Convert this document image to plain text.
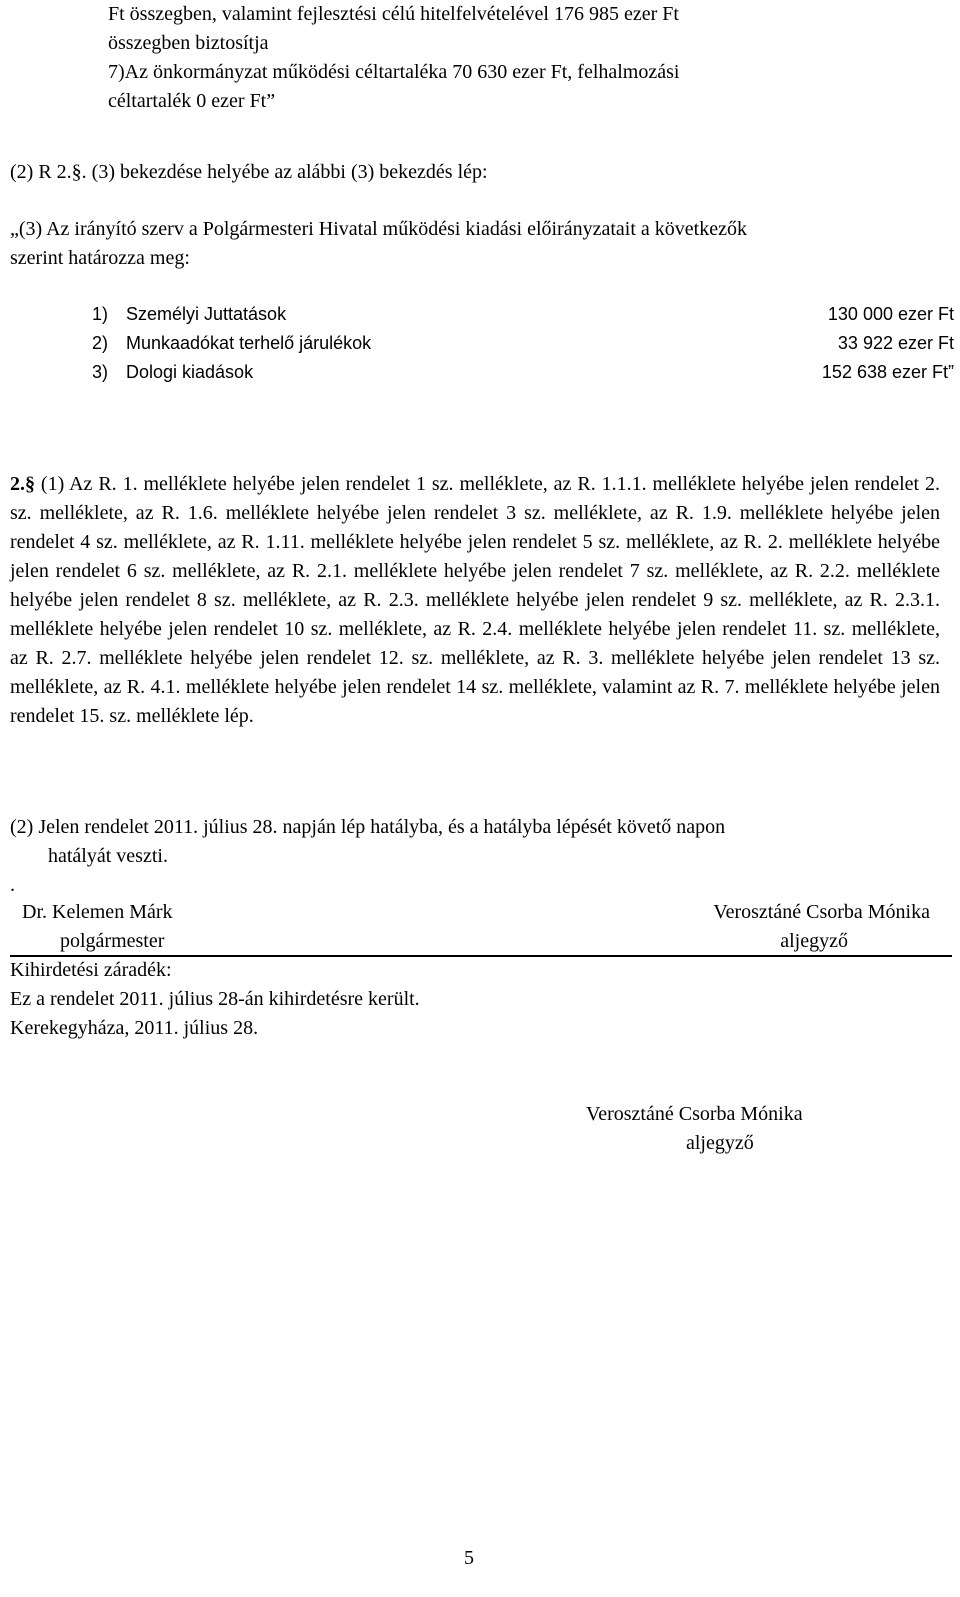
Ft összegben, valamint fejlesztési célú hitelfelvételével 176 985 ezer Ft

összegben biztosítja

7)Az önkormányzat működési céltartaléka 70 630 ezer Ft, felhalmozási

céltartalék 0 ezer Ft”

(2) R 2.§. (3) bekezdése helyébe az alábbi (3) bekezdés lép:

„(3) Az irányító szerv a Polgármesteri Hivatal működési kiadási előirányzatait a következők

szerint határozza meg:

1) Személyi Juttatások	130 000 ezer Ft
2) Munkaadókat terhelő járulékok	33 922 ezer Ft
3) Dologi kiadások	152 638 ezer Ft”

2.§ (1) Az R. 1. melléklete helyébe jelen rendelet 1 sz. melléklete, az R. 1.1.1. melléklete helyébe jelen rendelet 2. sz. melléklete, az R. 1.6. melléklete helyébe jelen rendelet 3 sz. melléklete, az R. 1.9. melléklete helyébe jelen rendelet 4 sz. melléklete, az R. 1.11. melléklete helyébe jelen rendelet 5 sz. melléklete, az R. 2. melléklete helyébe jelen rendelet 6 sz. melléklete, az R. 2.1. melléklete helyébe jelen rendelet 7 sz. melléklete, az R. 2.2. melléklete helyébe jelen rendelet 8 sz. melléklete, az R. 2.3. melléklete helyébe jelen rendelet 9 sz. melléklete, az R. 2.3.1. melléklete helyébe jelen rendelet 10 sz. melléklete, az R. 2.4. melléklete helyébe jelen rendelet 11. sz. melléklete, az R. 2.7. melléklete helyébe jelen rendelet 12. sz. melléklete, az R. 3. melléklete helyébe jelen rendelet 13 sz. melléklete, az R. 4.1. melléklete helyébe jelen rendelet 14 sz. melléklete, valamint az R. 7. melléklete helyébe jelen rendelet 15. sz. melléklete lép.

(2) Jelen rendelet 2011. július 28. napján lép hatályba, és a hatályba lépését követő napon

hatályát veszti.

.

Dr. Kelemen Márk

polgármester

Verosztáné Csorba Mónika

aljegyző

Kihirdetési záradék:

Ez a rendelet 2011. július 28-án kihirdetésre került.

Kerekegyháza, 2011. július 28.

Verosztáné Csorba Mónika

aljegyző

5
